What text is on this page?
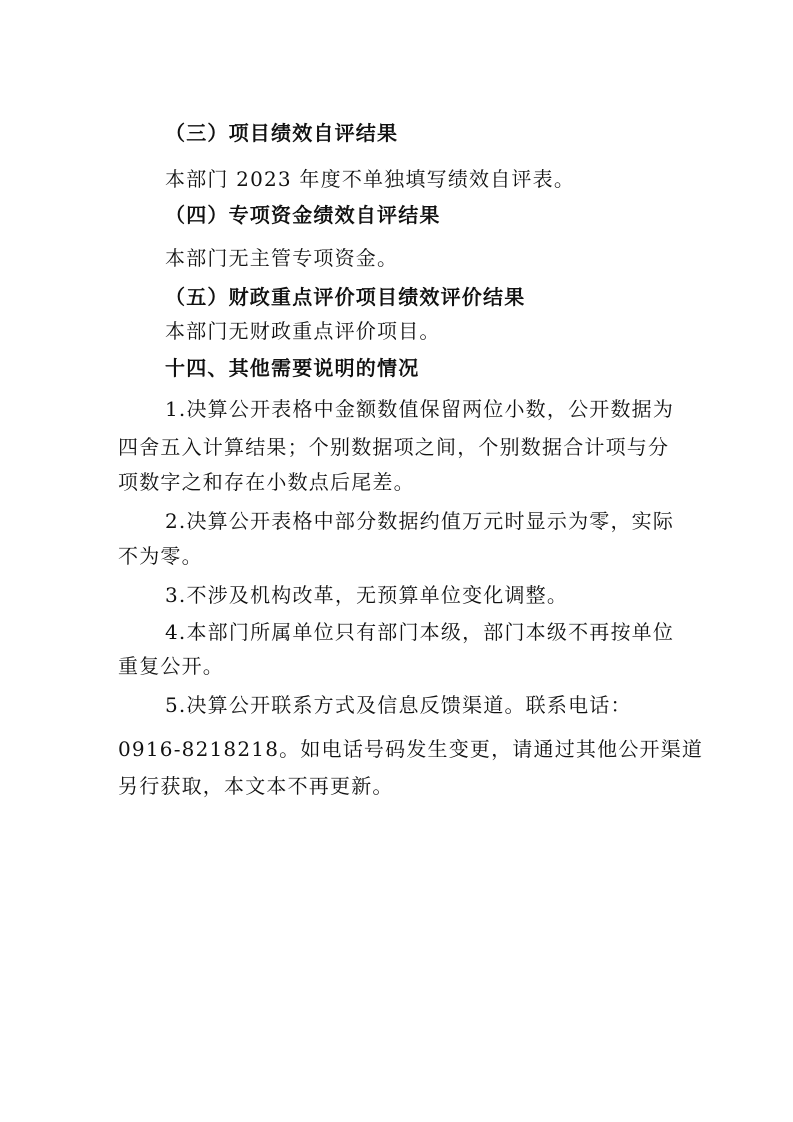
（三）项目绩效自评结果
本部门 2023 年度不单独填写绩效自评表。
（四）专项资金绩效自评结果
本部门无主管专项资金。
（五）财政重点评价项目绩效评价结果
本部门无财政重点评价项目。
十四、其他需要说明的情况
1.决算公开表格中金额数值保留两位小数，公开数据为
四舍五入计算结果；个别数据项之间，个别数据合计项与分
项数字之和存在小数点后尾差。
2.决算公开表格中部分数据约值万元时显示为零，实际
不为零。
3.不涉及机构改革，无预算单位变化调整。
4.本部门所属单位只有部门本级，部门本级不再按单位
重复公开。
5.决算公开联系方式及信息反馈渠道。联系电话：
0916-8218218。如电话号码发生变更，请通过其他公开渠道
另行获取，本文本不再更新。
